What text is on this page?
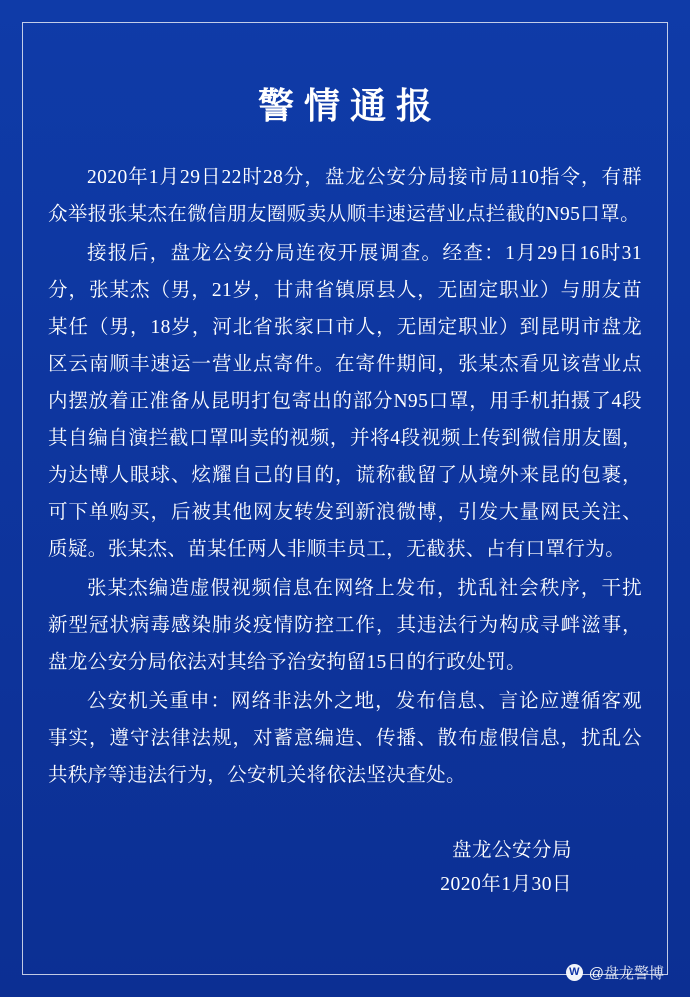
警情通报

2020年1月29日22时28分，盘龙公安分局接市局110指令，有群众举报张某杰在微信朋友圈贩卖从顺丰速运营业点拦截的N95口罩。

接报后，盘龙公安分局连夜开展调查。经查：1月29日16时31分，张某杰（男，21岁，甘肃省镇原县人，无固定职业）与朋友苗某任（男，18岁，河北省张家口市人，无固定职业）到昆明市盘龙区云南顺丰速运一营业点寄件。在寄件期间，张某杰看见该营业点内摆放着正准备从昆明打包寄出的部分N95口罩，用手机拍摄了4段其自编自演拦截口罩叫卖的视频，并将4段视频上传到微信朋友圈，为达博人眼球、炫耀自己的目的，谎称截留了从境外来昆的包裹，可下单购买，后被其他网友转发到新浪微博，引发大量网民关注、质疑。张某杰、苗某任两人非顺丰员工，无截获、占有口罩行为。

张某杰编造虚假视频信息在网络上发布，扰乱社会秩序，干扰新型冠状病毒感染肺炎疫情防控工作，其违法行为构成寻衅滋事，盘龙公安分局依法对其给予治安拘留15日的行政处罚。

公安机关重申：网络非法外之地，发布信息、言论应遵循客观事实，遵守法律法规，对蓄意编造、传播、散布虚假信息，扰乱公共秩序等违法行为，公安机关将依法坚决查处。

盘龙公安分局
2020年1月30日
W @盘龙警博
